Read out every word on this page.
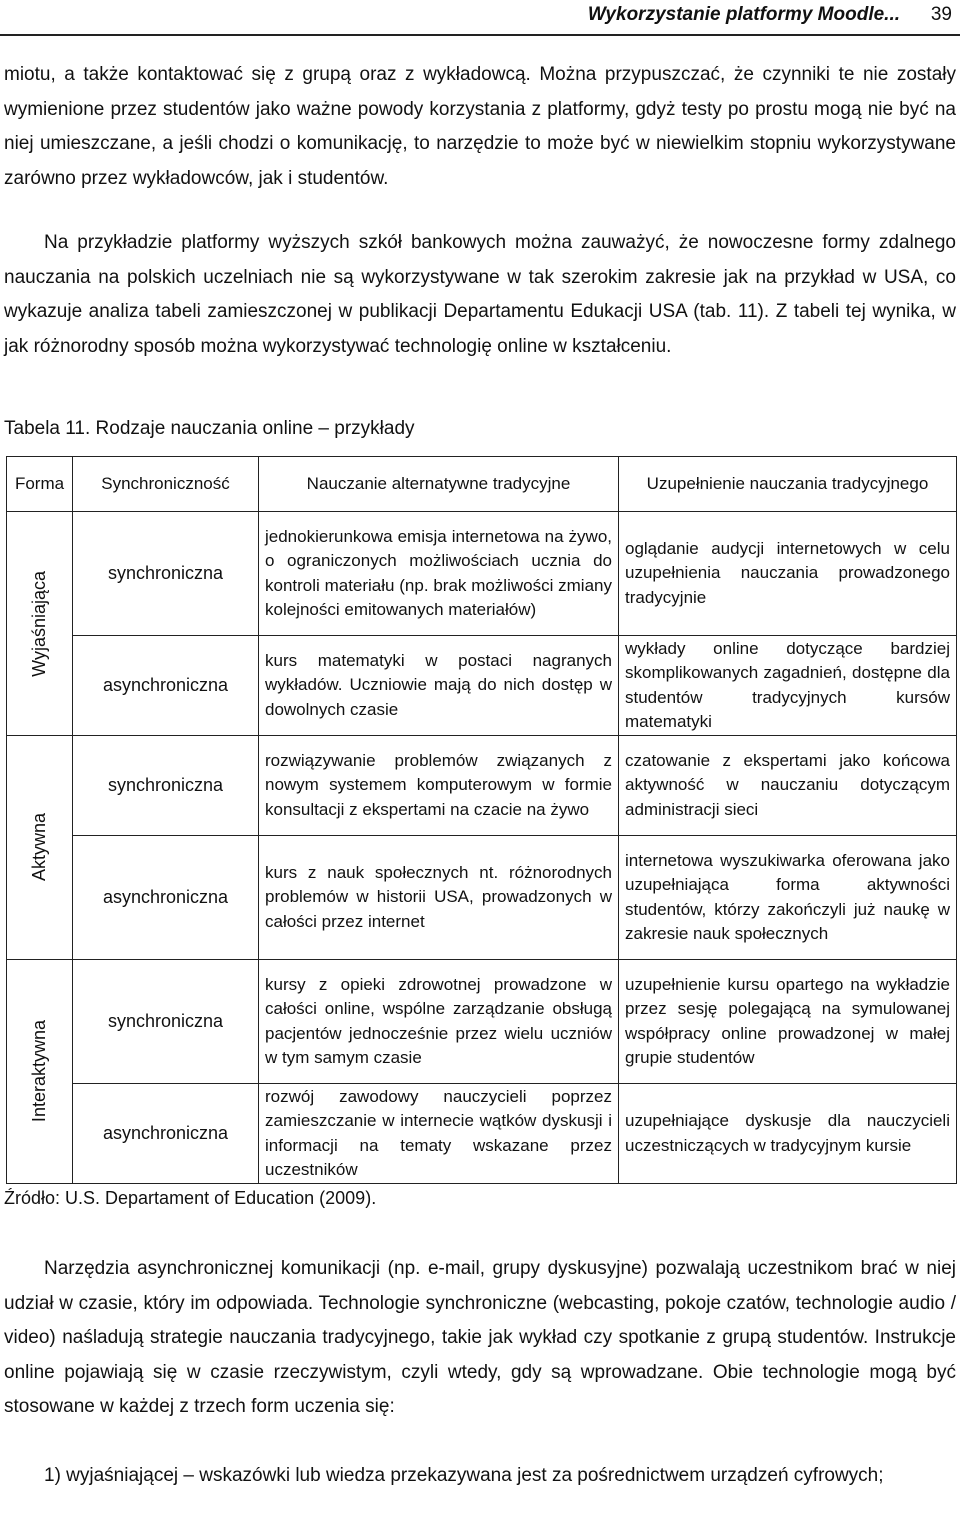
Wykorzystanie platformy Moodle... 39

miotu, a także kontaktować się z grupą oraz z wykładowcą. Można przypuszczać, że czynniki te nie zostały wymienione przez studentów jako ważne powody korzystania z platformy, gdyż testy po prostu mogą nie być na niej umieszczane, a jeśli chodzi o komunikację, to narzędzie to może być w niewielkim stopniu wykorzystywane zarówno przez wykładowców, jak i studentów.

Na przykładzie platformy wyższych szkół bankowych można zauważyć, że nowoczesne formy zdalnego nauczania na polskich uczelniach nie są wykorzystywane w tak szerokim zakresie jak na przykład w USA, co wykazuje analiza tabeli zamieszczonej w publikacji Departamentu Edukacji USA (tab. 11). Z tabeli tej wynika, w jak różnorodny sposób można wykorzystywać technologię online w kształceniu.

Tabela 11. Rodzaje nauczania online – przykłady

Forma	Synchroniczność	Nauczanie alternatywne tradycyjne	Uzupełnienie nauczania tradycyjnego

Wyjaśniająca	synchroniczna	jednokierunkowa emisja internetowa na żywo, o ograniczonych możliwościach ucznia do kontroli materiału (np. brak możliwości zmiany kolejności emitowanych materiałów)	oglądanie audycji internetowych w celu uzupełnienia nauczania prowadzonego tradycyjnie
	asynchroniczna	kurs matematyki w postaci nagranych wykładów. Uczniowie mają do nich dostęp w dowolnych czasie	wykłady online dotyczące bardziej skomplikowanych zagadnień, dostępne dla studentów tradycyjnych kursów matematyki

Aktywna	synchroniczna	rozwiązywanie problemów związanych z nowym systemem komputerowym w formie konsultacji z ekspertami na czacie na żywo	czatowanie z ekspertami jako końcowa aktywność w nauczaniu dotyczącym administracji sieci
	asynchroniczna	kurs z nauk społecznych nt. różnorodnych problemów w historii USA, prowadzonych w całości przez internet	internetowa wyszukiwarka oferowana jako uzupełniająca forma aktywności studentów, którzy zakończyli już naukę w zakresie nauk społecznych

Interaktywna	synchroniczna	kursy z opieki zdrowotnej prowadzone w całości online, wspólne zarządzanie obsługą pacjentów jednocześnie przez wielu uczniów w tym samym czasie	uzupełnienie kursu opartego na wykładzie przez sesję polegającą na symulowanej współpracy online prowadzonej w małej grupie studentów
	asynchroniczna	rozwój zawodowy nauczycieli poprzez zamieszczanie w internecie wątków dyskusji i informacji na tematy wskazane przez uczestników	uzupełniające dyskusje dla nauczycieli uczestniczących w tradycyjnym kursie

Źródło: U.S. Departament of Education (2009).

Narzędzia asynchronicznej komunikacji (np. e-mail, grupy dyskusyjne) pozwalają uczestnikom brać w niej udział w czasie, który im odpowiada. Technologie synchroniczne (webcasting, pokoje czatów, technologie audio / video) naśladują strategie nauczania tradycyjnego, takie jak wykład czy spotkanie z grupą studentów. Instrukcje online pojawiają się w czasie rzeczywistym, czyli wtedy, gdy są wprowadzane. Obie technologie mogą być stosowane w każdej z trzech form uczenia się:

1) wyjaśniającej – wskazówki lub wiedza przekazywana jest za pośrednictwem urządzeń cyfrowych;
